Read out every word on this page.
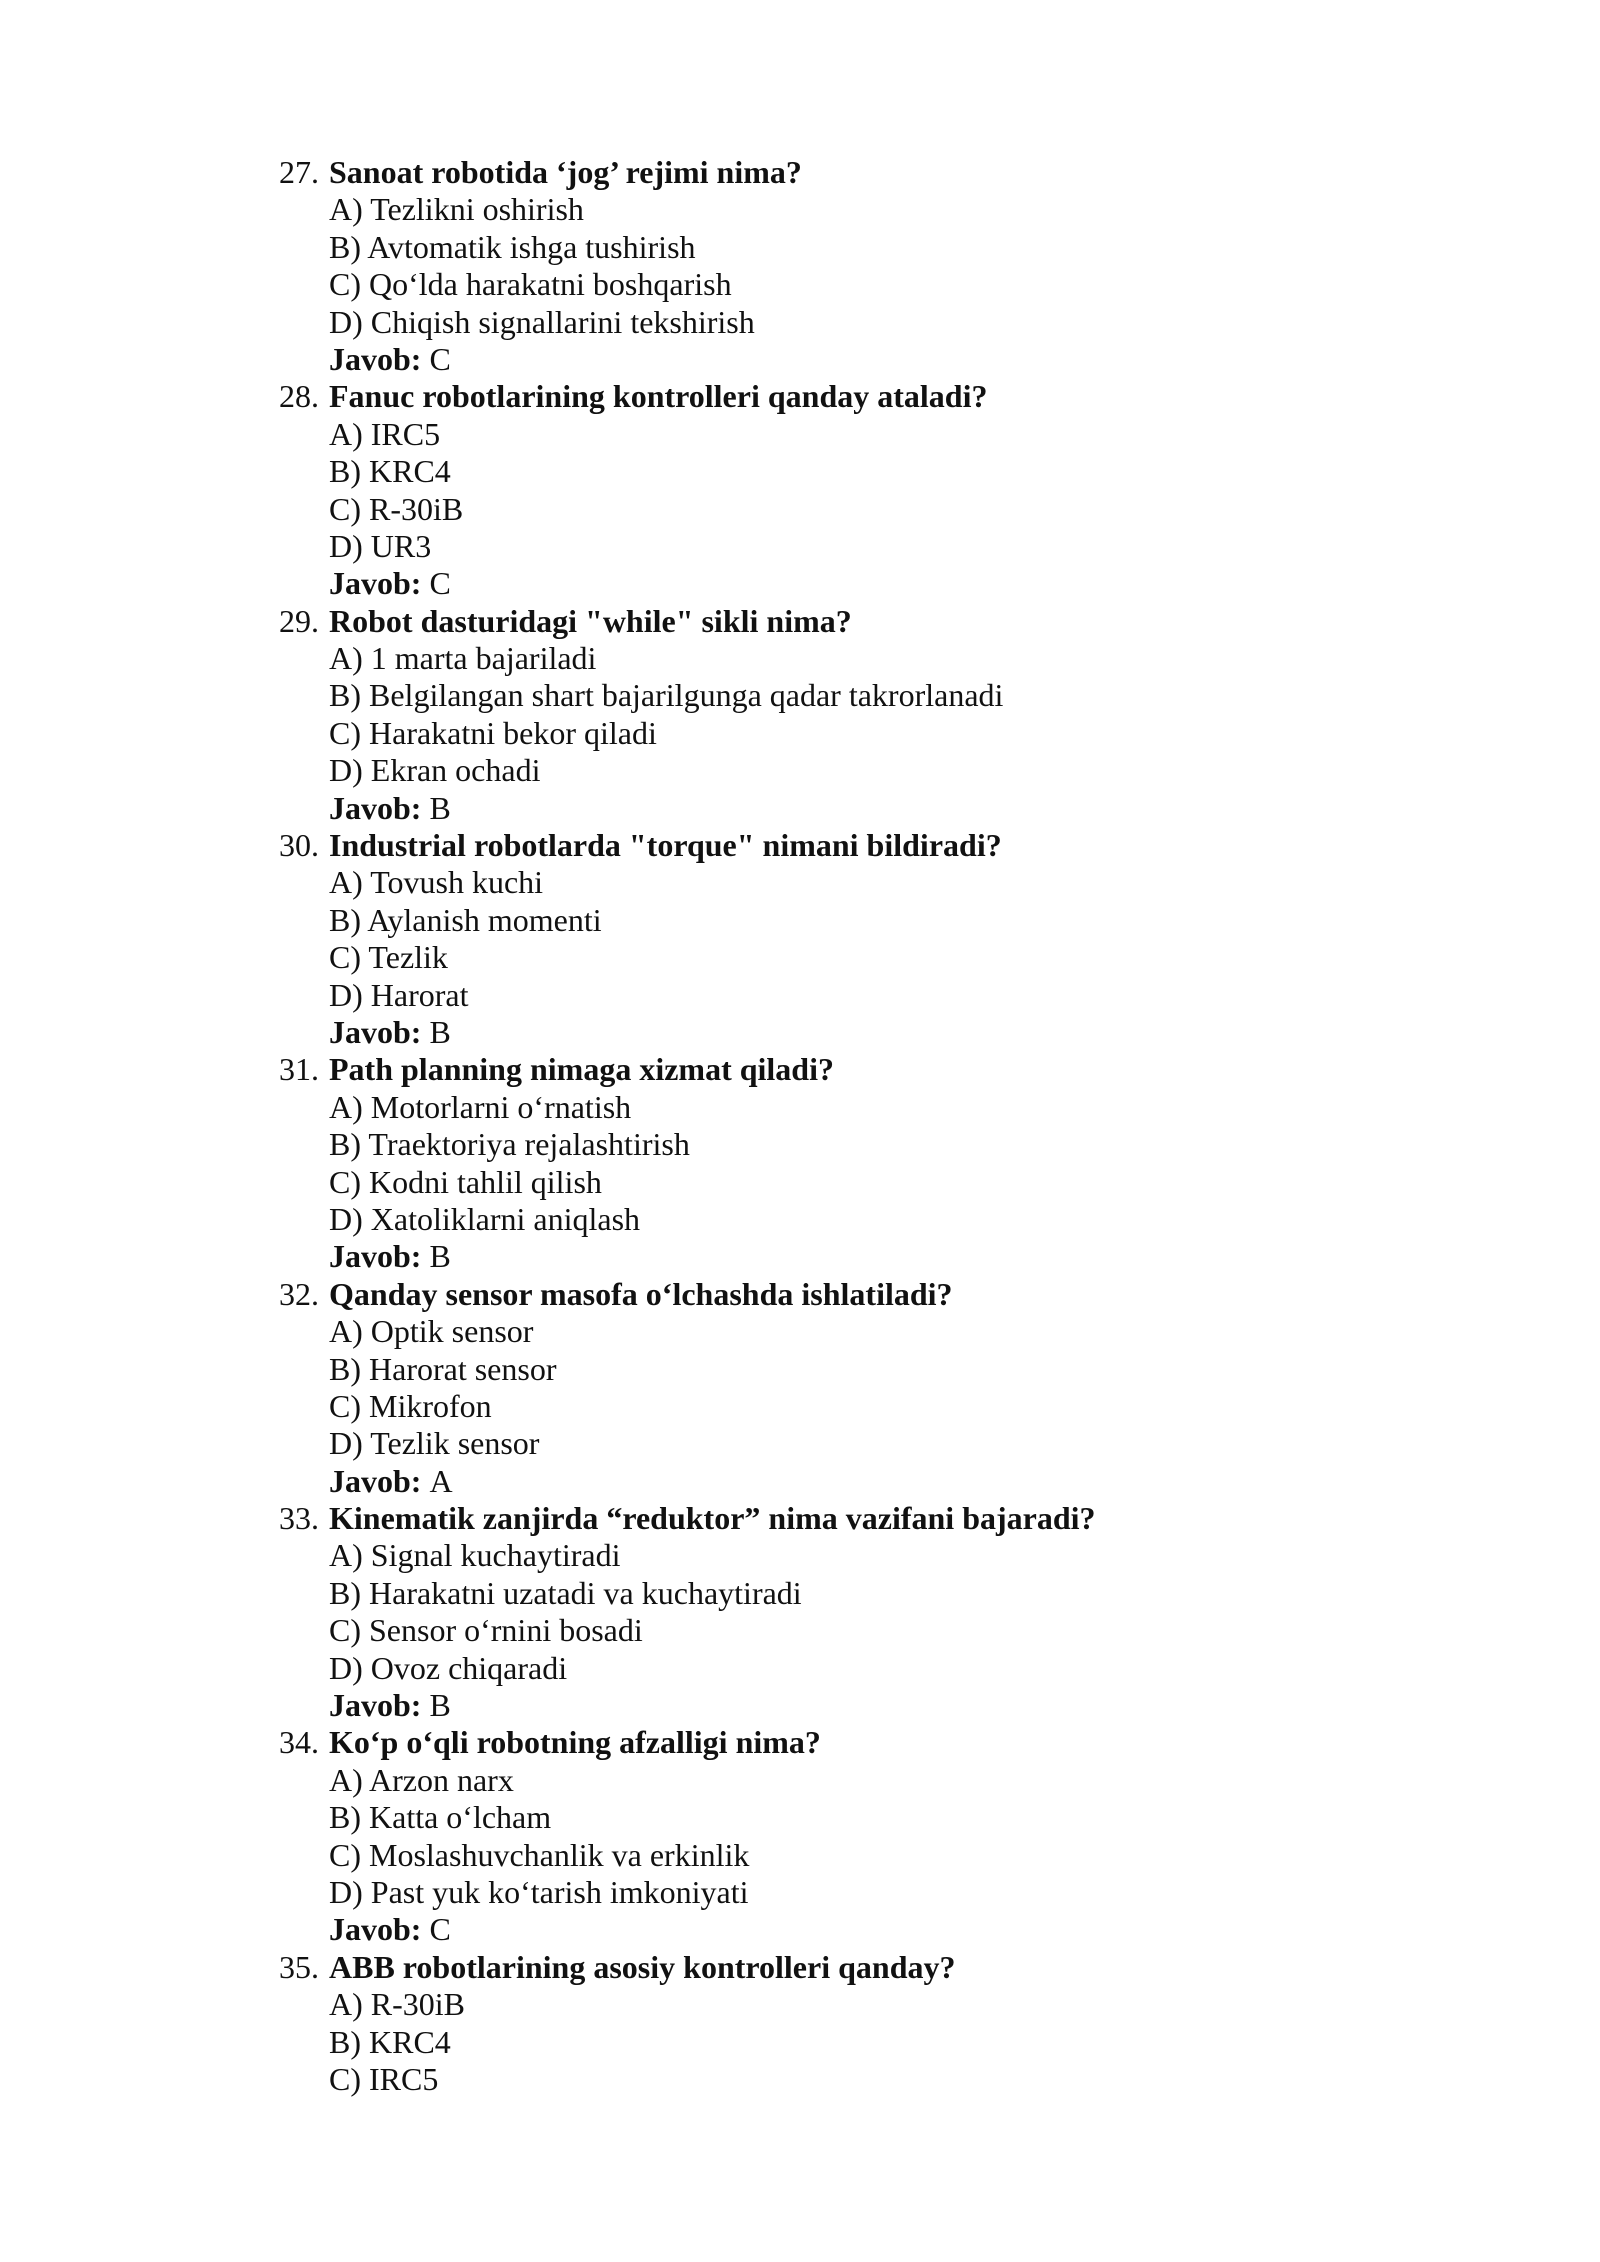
27. Sanoat robotida ‘jog’ rejimi nima?
A) Tezlikni oshirish
B) Avtomatik ishga tushirish
C) Qo‘lda harakatni boshqarish
D) Chiqish signallarini tekshirish
Javob: C
28. Fanuc robotlarining kontrolleri qanday ataladi?
A) IRC5
B) KRC4
C) R-30iB
D) UR3
Javob: C
29. Robot dasturidagi "while" sikli nima?
A) 1 marta bajariladi
B) Belgilangan shart bajarilgunga qadar takrorlanadi
C) Harakatni bekor qiladi
D) Ekran ochadi
Javob: B
30. Industrial robotlarda "torque" nimani bildiradi?
A) Tovush kuchi
B) Aylanish momenti
C) Tezlik
D) Harorat
Javob: B
31. Path planning nimaga xizmat qiladi?
A) Motorlarni o‘rnatish
B) Traektoriya rejalashtirish
C) Kodni tahlil qilish
D) Xatoliklarni aniqlash
Javob: B
32. Qanday sensor masofa o‘lchashda ishlatiladi?
A) Optik sensor
B) Harorat sensor
C) Mikrofon
D) Tezlik sensor
Javob: A
33. Kinematik zanjirda “reduktor” nima vazifani bajaradi?
A) Signal kuchaytiradi
B) Harakatni uzatadi va kuchaytiradi
C) Sensor o‘rnini bosadi
D) Ovoz chiqaradi
Javob: B
34. Ko‘p o‘qli robotning afzalligi nima?
A) Arzon narx
B) Katta o‘lcham
C) Moslashuvchanlik va erkinlik
D) Past yuk ko‘tarish imkoniyati
Javob: C
35. ABB robotlarining asosiy kontrolleri qanday?
A) R-30iB
B) KRC4
C) IRC5
